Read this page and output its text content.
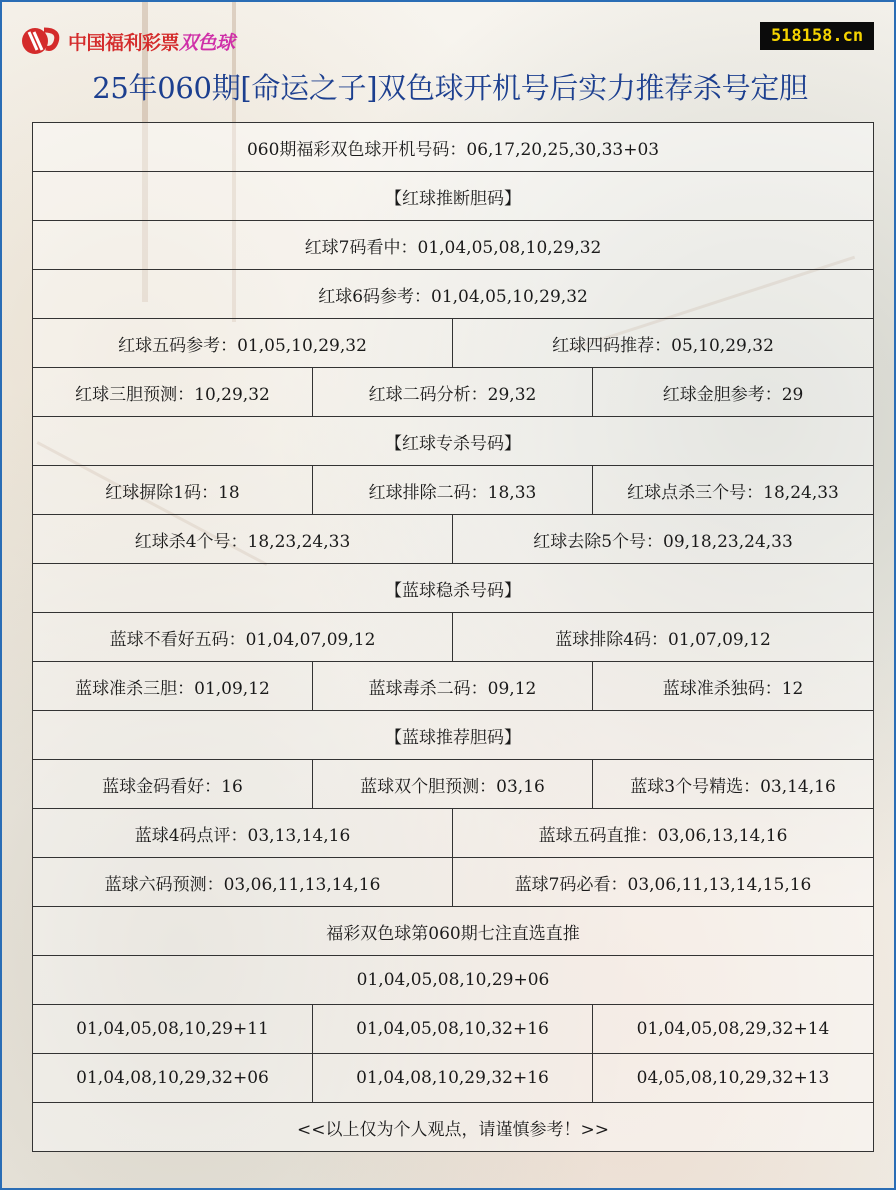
中国福利彩票双色球	518158.cn
25年060期[命运之子]双色球开机号后实力推荐杀号定胆
060期福彩双色球开机号码：06,17,20,25,30,33+03			
【红球推断胆码】			
红球7码看中：01,04,05,08,10,29,32			
红球6码参考：01,04,05,10,29,32			
红球五码参考：01,05,10,29,32		红球四码推荐：05,10,29,32	
红球三胆预测：10,29,32	红球二码分析：29,32		红球金胆参考：29
【红球专杀号码】			
红球摒除1码：18	红球排除二码：18,33		红球点杀三个号：18,24,33
红球杀4个号：18,23,24,33		红球去除5个号：09,18,23,24,33	
【蓝球稳杀号码】			
蓝球不看好五码：01,04,07,09,12		蓝球排除4码：01,07,09,12	
蓝球准杀三胆：01,09,12	蓝球毒杀二码：09,12		蓝球准杀独码：12
【蓝球推荐胆码】			
蓝球金码看好：16	蓝球双个胆预测：03,16		蓝球3个号精选：03,14,16
蓝球4码点评：03,13,14,16		蓝球五码直推：03,06,13,14,16	
蓝球六码预测：03,06,11,13,14,16		蓝球7码必看：03,06,11,13,14,15,16	
福彩双色球第060期七注直选直推			
01,04,05,08,10,29+06			
01,04,05,08,10,29+11	01,04,05,08,10,32+16		01,04,05,08,29,32+14
01,04,08,10,29,32+06	01,04,08,10,29,32+16		04,05,08,10,29,32+13
<<以上仅为个人观点，请谨慎参考！>>			
